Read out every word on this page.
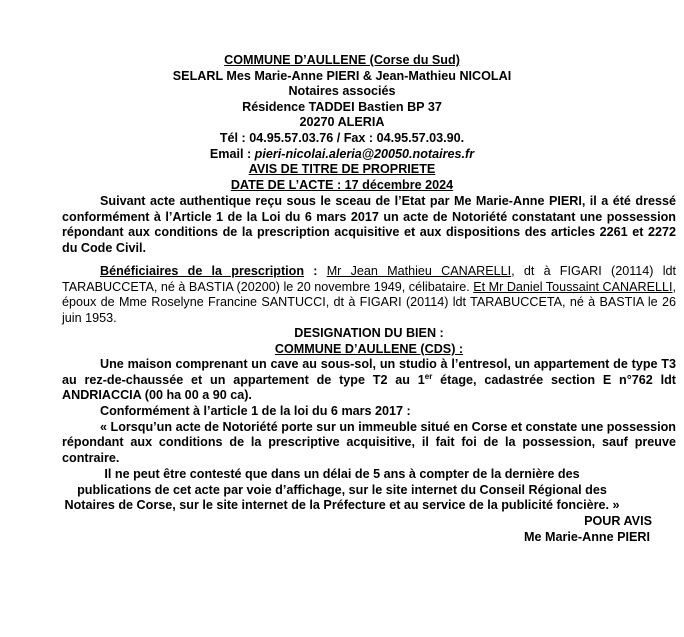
COMMUNE D’AULLENE (Corse du Sud)
SELARL Mes Marie-Anne PIERI & Jean-Mathieu NICOLAI
Notaires associés
Résidence TADDEI Bastien BP 37
20270 ALERIA
Tél : 04.95.57.03.76 / Fax : 04.95.57.03.90.
Email : pieri-nicolai.aleria@20050.notaires.fr
AVIS DE TITRE DE PROPRIETE
DATE DE L’ACTE : 17 décembre 2024

Suivant acte authentique reçu sous le sceau de l’Etat par Me Marie-Anne PIERI, il a été dressé conformément à l’Article 1 de la Loi du 6 mars 2017 un acte de Notoriété constatant une possession répondant aux conditions de la prescription acquisitive et aux dispositions des articles 2261 et 2272 du Code Civil.

Bénéficiaires de la prescription : Mr Jean Mathieu CANARELLI, dt à FIGARI (20114) ldt TARABUCCETA, né à BASTIA (20200) le 20 novembre 1949, célibataire. Et Mr Daniel Toussaint CANARELLI, époux de Mme Roselyne Francine SANTUCCI, dt à FIGARI (20114) ldt TARABUCCETA, né à BASTIA le 26 juin 1953.

DESIGNATION DU BIEN :

COMMUNE D’AULLENE (CDS) :

Une maison comprenant un cave au sous-sol, un studio à l’entresol, un appartement de type T3 au rez-de-chaussée et un appartement de type T2 au 1er étage, cadastrée section E n°762 ldt ANDRIACCIA (00 ha 00 a 90 ca).

Conformément à l’article 1 de la loi du 6 mars 2017 :

« Lorsqu’un acte de Notoriété porte sur un immeuble situé en Corse et constate une possession répondant aux conditions de la prescriptive acquisitive, il fait foi de la possession, sauf preuve contraire.

Il ne peut être contesté que dans un délai de 5 ans à compter de la dernière des
publications de cet acte par voie d’affichage, sur le site internet du Conseil Régional des
Notaires de Corse, sur le site internet de la Préfecture et au service de la publicité foncière. »
POUR AVIS
Me Marie-Anne PIERI
